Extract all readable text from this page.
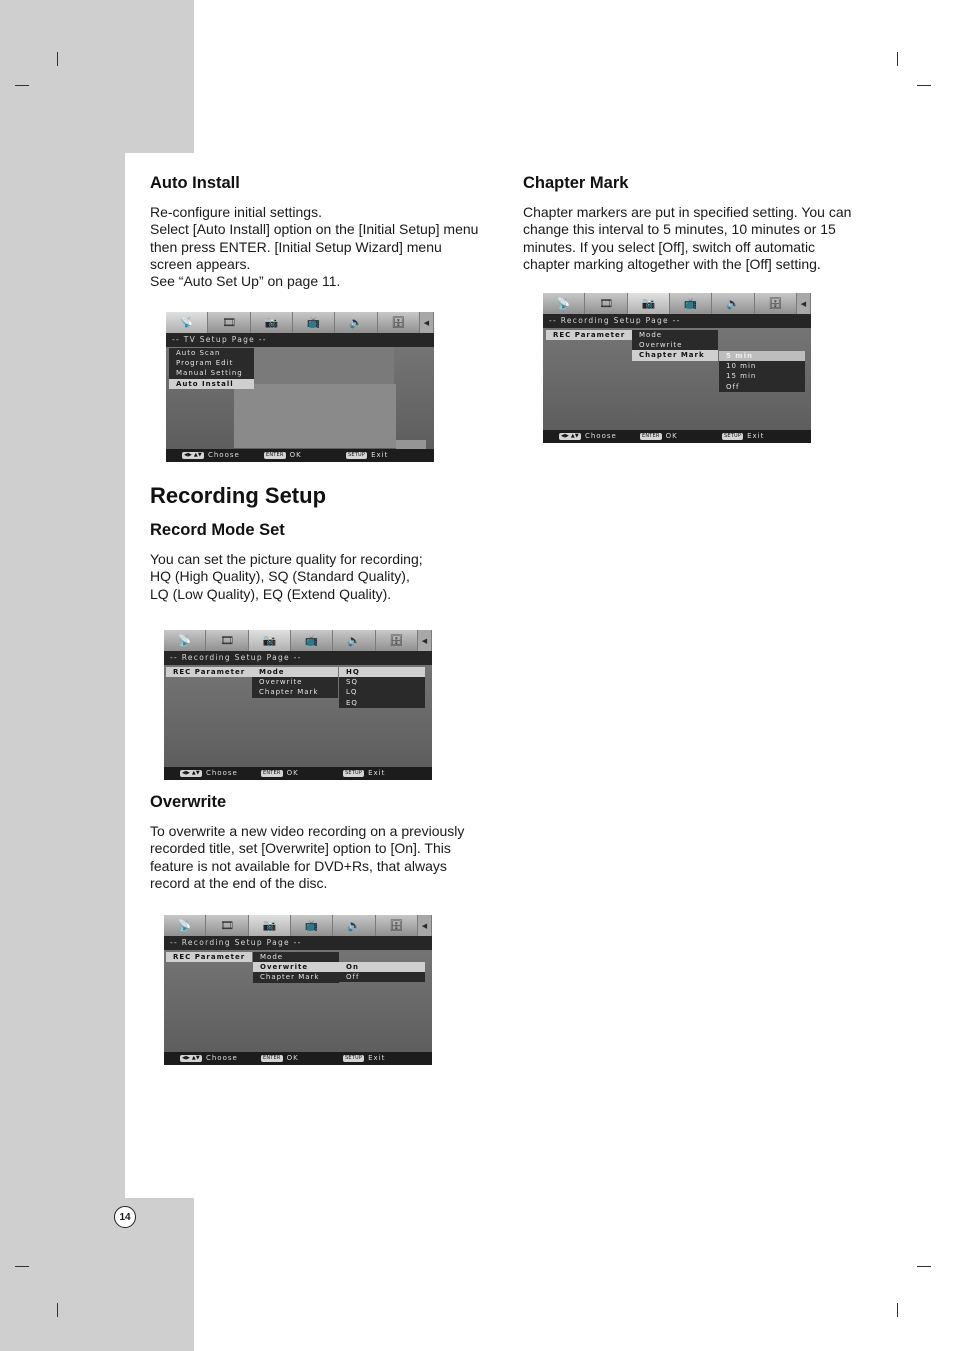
14
Auto Install
Re-configure initial settings.
Select [Auto Install] option on the [Initial Setup] menu
then press ENTER. [Initial Setup Wizard] menu
screen appears.
See “Auto Set Up” on page 11.
📡	🎞	📷	📺	🔈	🗄	◀
-- TV Setup Page --
Auto Scan
Program Edit
Manual Setting
Auto Install
◀▶ ▲▼ Choose	ENTER OK	SETUP Exit
Recording Setup
Record Mode Set
You can set the picture quality for recording;
HQ (High Quality), SQ (Standard Quality),
LQ (Low Quality), EQ (Extend Quality).
📡	🎞	📷	📺	🔈	🗄	◀
-- Recording Setup Page --
REC Parameter	Mode
Overwrite
Chapter Mark
HQ
SQ
LQ
EQ
◀▶ ▲▼ Choose	ENTER OK	SETUP Exit
Overwrite
To overwrite a new video recording on a previously
recorded title, set [Overwrite] option to [On]. This
feature is not available for DVD+Rs, that always
record at the end of the disc.
📡	🎞	📷	📺	🔈	🗄	◀
-- Recording Setup Page --
REC Parameter	Mode
Overwrite
Chapter Mark
On
Off
◀▶ ▲▼ Choose	ENTER OK	SETUP Exit
Chapter Mark
Chapter markers are put in specified setting. You can
change this interval to 5 minutes, 10 minutes or 15
minutes. If you select [Off], switch off automatic
chapter marking altogether with the [Off] setting.
📡	🎞	📷	📺	🔈	🗄	◀
-- Recording Setup Page --
REC Parameter	Mode
Overwrite
Chapter Mark	5 min
10 min
15 min
Off
◀▶ ▲▼ Choose	ENTER OK	SETUP Exit
